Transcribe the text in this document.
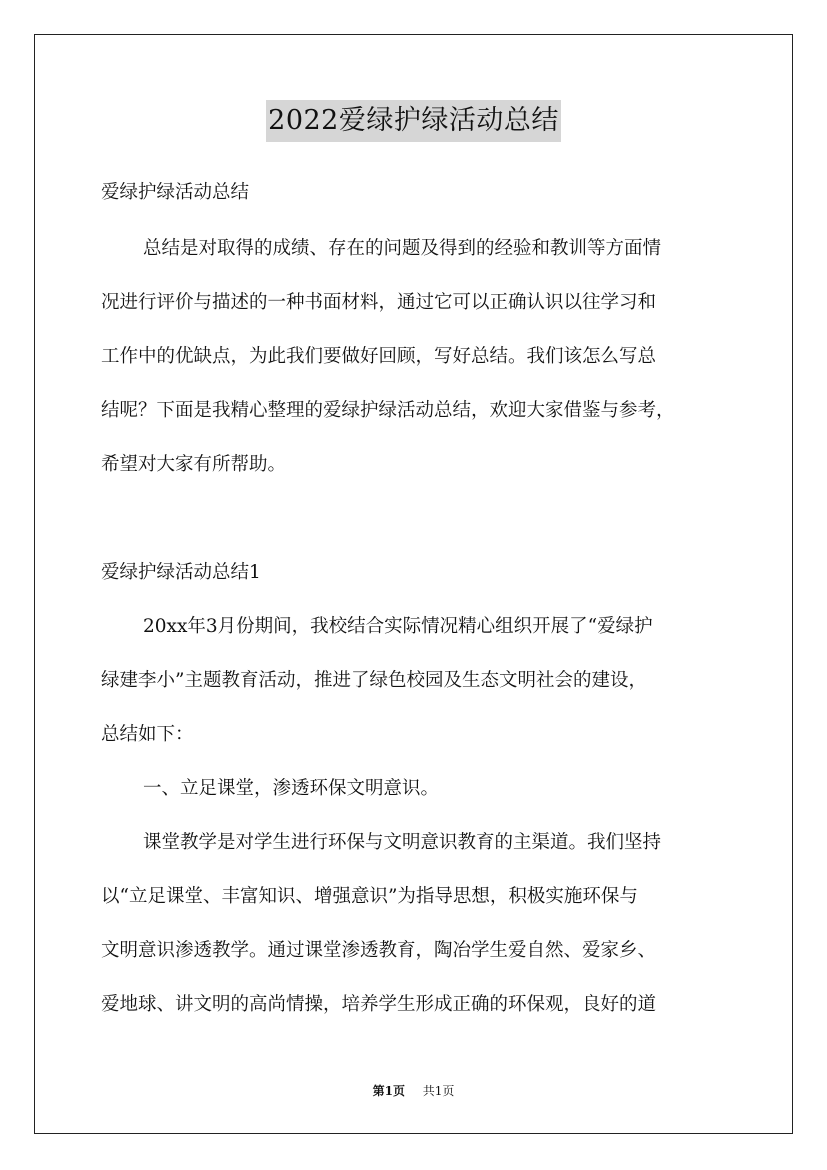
2022爱绿护绿活动总结
爱绿护绿活动总结
总结是对取得的成绩、存在的问题及得到的经验和教训等方面情
况进行评价与描述的一种书面材料，通过它可以正确认识以往学习和
工作中的优缺点，为此我们要做好回顾，写好总结。我们该怎么写总
结呢？下面是我精心整理的爱绿护绿活动总结，欢迎大家借鉴与参考，
希望对大家有所帮助。
爱绿护绿活动总结1
20xx年3月份期间，我校结合实际情况精心组织开展了“爱绿护
绿建李小”主题教育活动，推进了绿色校园及生态文明社会的建设，
总结如下：
一、立足课堂，渗透环保文明意识。
课堂教学是对学生进行环保与文明意识教育的主渠道。我们坚持
以“立足课堂、丰富知识、增强意识”为指导思想，积极实施环保与
文明意识渗透教学。通过课堂渗透教育，陶冶学生爱自然、爱家乡、
爱地球、讲文明的高尚情操，培养学生形成正确的环保观，良好的道
第1页 共1页
